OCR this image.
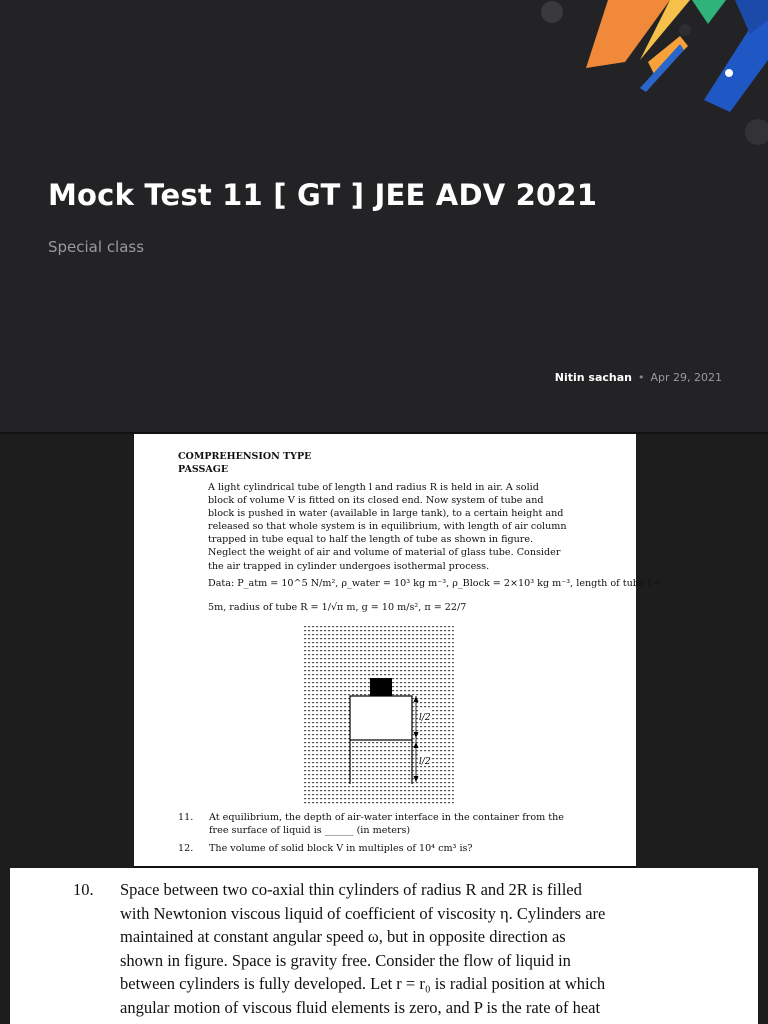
Mock Test 11 [ GT ] JEE ADV 2021
Special class
Nitin sachan • Apr 29, 2021
COMPREHENSION TYPE
PASSAGE
A light cylindrical tube of length l and radius R is held in air. A solid
block of volume V is fitted on its closed end. Now system of tube and
block is pushed in water (available in large tank), to a certain height and
released so that whole system is in equilibrium, with length of air column
trapped in tube equal to half the length of tube as shown in figure.
Neglect the weight of air and volume of material of glass tube. Consider
the air trapped in cylinder undergoes isothermal process.
Data: P_atm = 10^5 N/m², ρ_water = 10³ kg m⁻³, ρ_Block = 2×10³ kg m⁻³, length of tube l =
5m, radius of tube R = 1/√π m, g = 10 m/s², π = 22/7
l/2
l/2
11. At equilibrium, the depth of air-water interface in the container from the
free surface of liquid is ______ (in meters)
12. The volume of solid block V in multiples of 10⁴ cm³ is?
10. Space between two co-axial thin cylinders of radius R and 2R is filled
with Newtonion viscous liquid of coefficient of viscosity η. Cylinders are
maintained at constant angular speed ω, but in opposite direction as
shown in figure. Space is gravity free. Consider the flow of liquid in
between cylinders is fully developed. Let r = r₀ is radial position at which
angular motion of viscous fluid elements is zero, and P is the rate of heat
